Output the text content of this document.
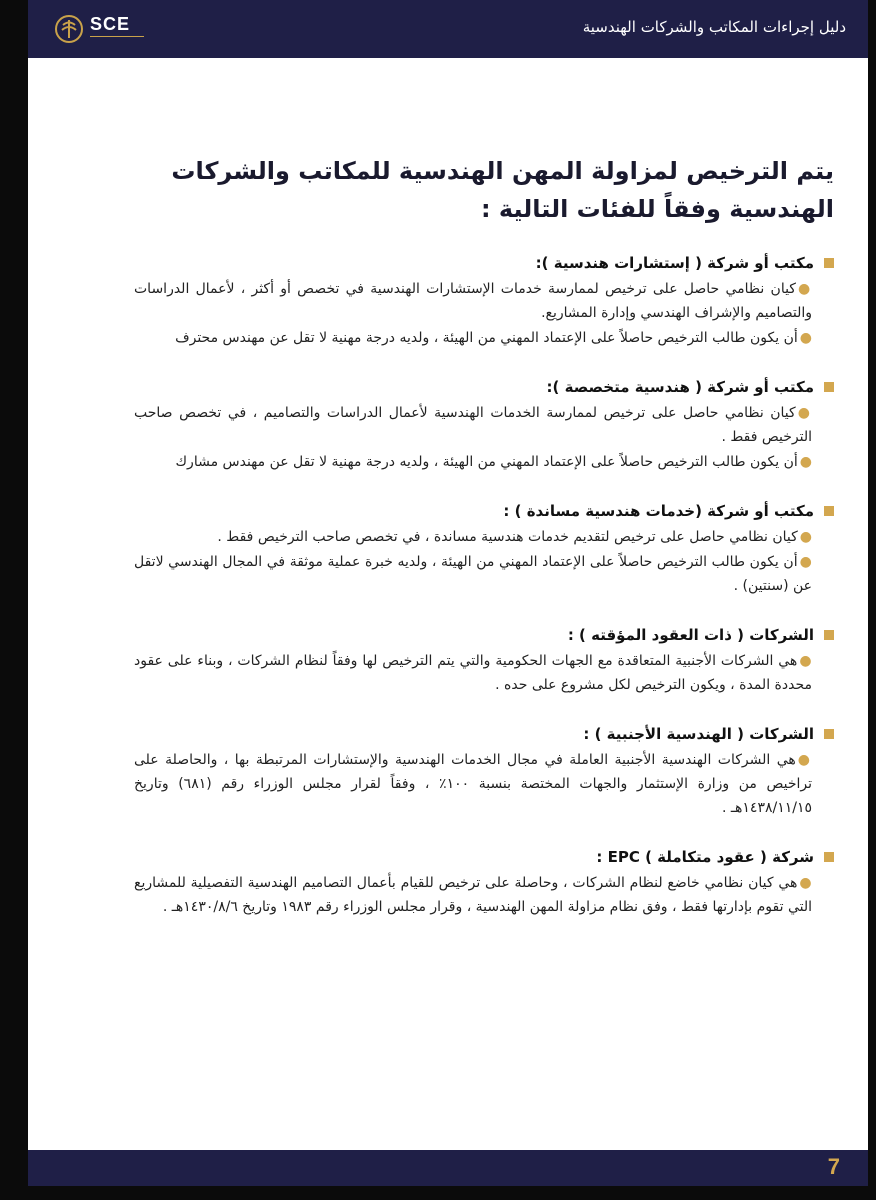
SCE	دليل إجراءات المكاتب والشركات الهندسية
يتم الترخيص لمزاولة المهن الهندسية للمكاتب والشركات الهندسية وفقاً للفئات التالية :
مكتب أو شركة ( إستشارات هندسية ):
●كيان نظامي حاصل على ترخيص لممارسة خدمات الإستشارات الهندسية في تخصص أو أكثر ، لأعمال الدراسات والتصاميم والإشراف الهندسي وإدارة المشاريع.
●أن يكون طالب الترخيص حاصلاً على الإعتماد المهني من الهيئة ، ولديه درجة مهنية لا تقل عن مهندس محترف
مكتب أو شركة ( هندسية متخصصة ):
●كيان نظامي حاصل على ترخيص لممارسة الخدمات الهندسية لأعمال الدراسات والتصاميم ، في تخصص صاحب الترخيص فقط .
●أن يكون طالب الترخيص حاصلاً على الإعتماد المهني من الهيئة ، ولديه درجة مهنية لا تقل عن مهندس مشارك
مكتب أو شركة (خدمات هندسية مساندة ) :
●كيان نظامي حاصل على ترخيص لتقديم خدمات هندسية مساندة ، في تخصص صاحب الترخيص فقط .
●أن يكون طالب الترخيص حاصلاً على الإعتماد المهني من الهيئة ، ولديه خبرة عملية موثقة في المجال الهندسي لاتقل عن (سنتين) .
الشركات ( ذات العقود المؤقته ) :
●هي الشركات الأجنبية المتعاقدة مع الجهات الحكومية والتي يتم الترخيص لها وفقاً لنظام الشركات ، وبناء على عقود محددة المدة ، ويكون الترخيص لكل مشروع على حده .
الشركات ( الهندسية الأجنبية ) :
●هي الشركات الهندسية الأجنبية العاملة في مجال الخدمات الهندسية والإستشارات المرتبطة بها ، والحاصلة على تراخيص من وزارة الإستثمار والجهات المختصة بنسبة ١٠٠٪ ، وفقاً لقرار مجلس الوزراء رقم (٦٨١) وتاريخ ١٤٣٨/١١/١٥هـ .
شركة ( عقود متكاملة ) EPC :
●هي كيان نظامي خاضع لنظام الشركات ، وحاصلة على ترخيص للقيام بأعمال التصاميم الهندسية التفصيلية للمشاريع التي تقوم بإدارتها فقط ، وفق نظام مزاولة المهن الهندسية ، وقرار مجلس الوزراء رقم ١٩٨٣ وتاريخ ١٤٣٠/٨/٦هـ .
7
